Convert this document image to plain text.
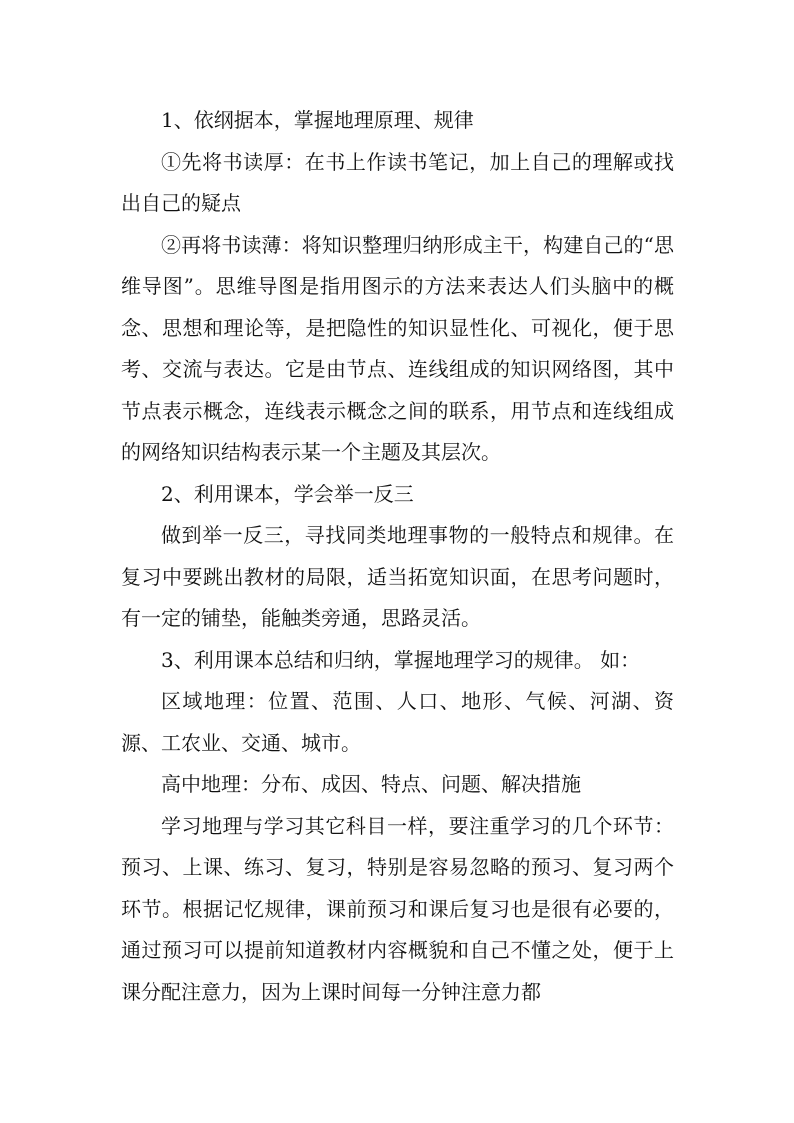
1、依纲据本，掌握地理原理、规律

①先将书读厚：在书上作读书笔记，加上自己的理解或找出自己的疑点

②再将书读薄：将知识整理归纳形成主干，构建自己的“思维导图”。思维导图是指用图示的方法来表达人们头脑中的概念、思想和理论等，是把隐性的知识显性化、可视化，便于思考、交流与表达。它是由节点、连线组成的知识网络图，其中节点表示概念，连线表示概念之间的联系，用节点和连线组成的网络知识结构表示某一个主题及其层次。

2、利用课本，学会举一反三

做到举一反三，寻找同类地理事物的一般特点和规律。在复习中要跳出教材的局限，适当拓宽知识面，在思考问题时，有一定的铺垫，能触类旁通，思路灵活。

3、利用课本总结和归纳，掌握地理学习的规律。 如：

区域地理：位置、范围、人口、地形、气候、河湖、资源、工农业、交通、城市。

高中地理：分布、成因、特点、问题、解决措施

学习地理与学习其它科目一样，要注重学习的几个环节：预习、上课、练习、复习，特别是容易忽略的预习、复习两个环节。根据记忆规律，课前预习和课后复习也是很有必要的，通过预习可以提前知道教材内容概貌和自己不懂之处，便于上课分配注意力，因为上课时间每一分钟注意力都
